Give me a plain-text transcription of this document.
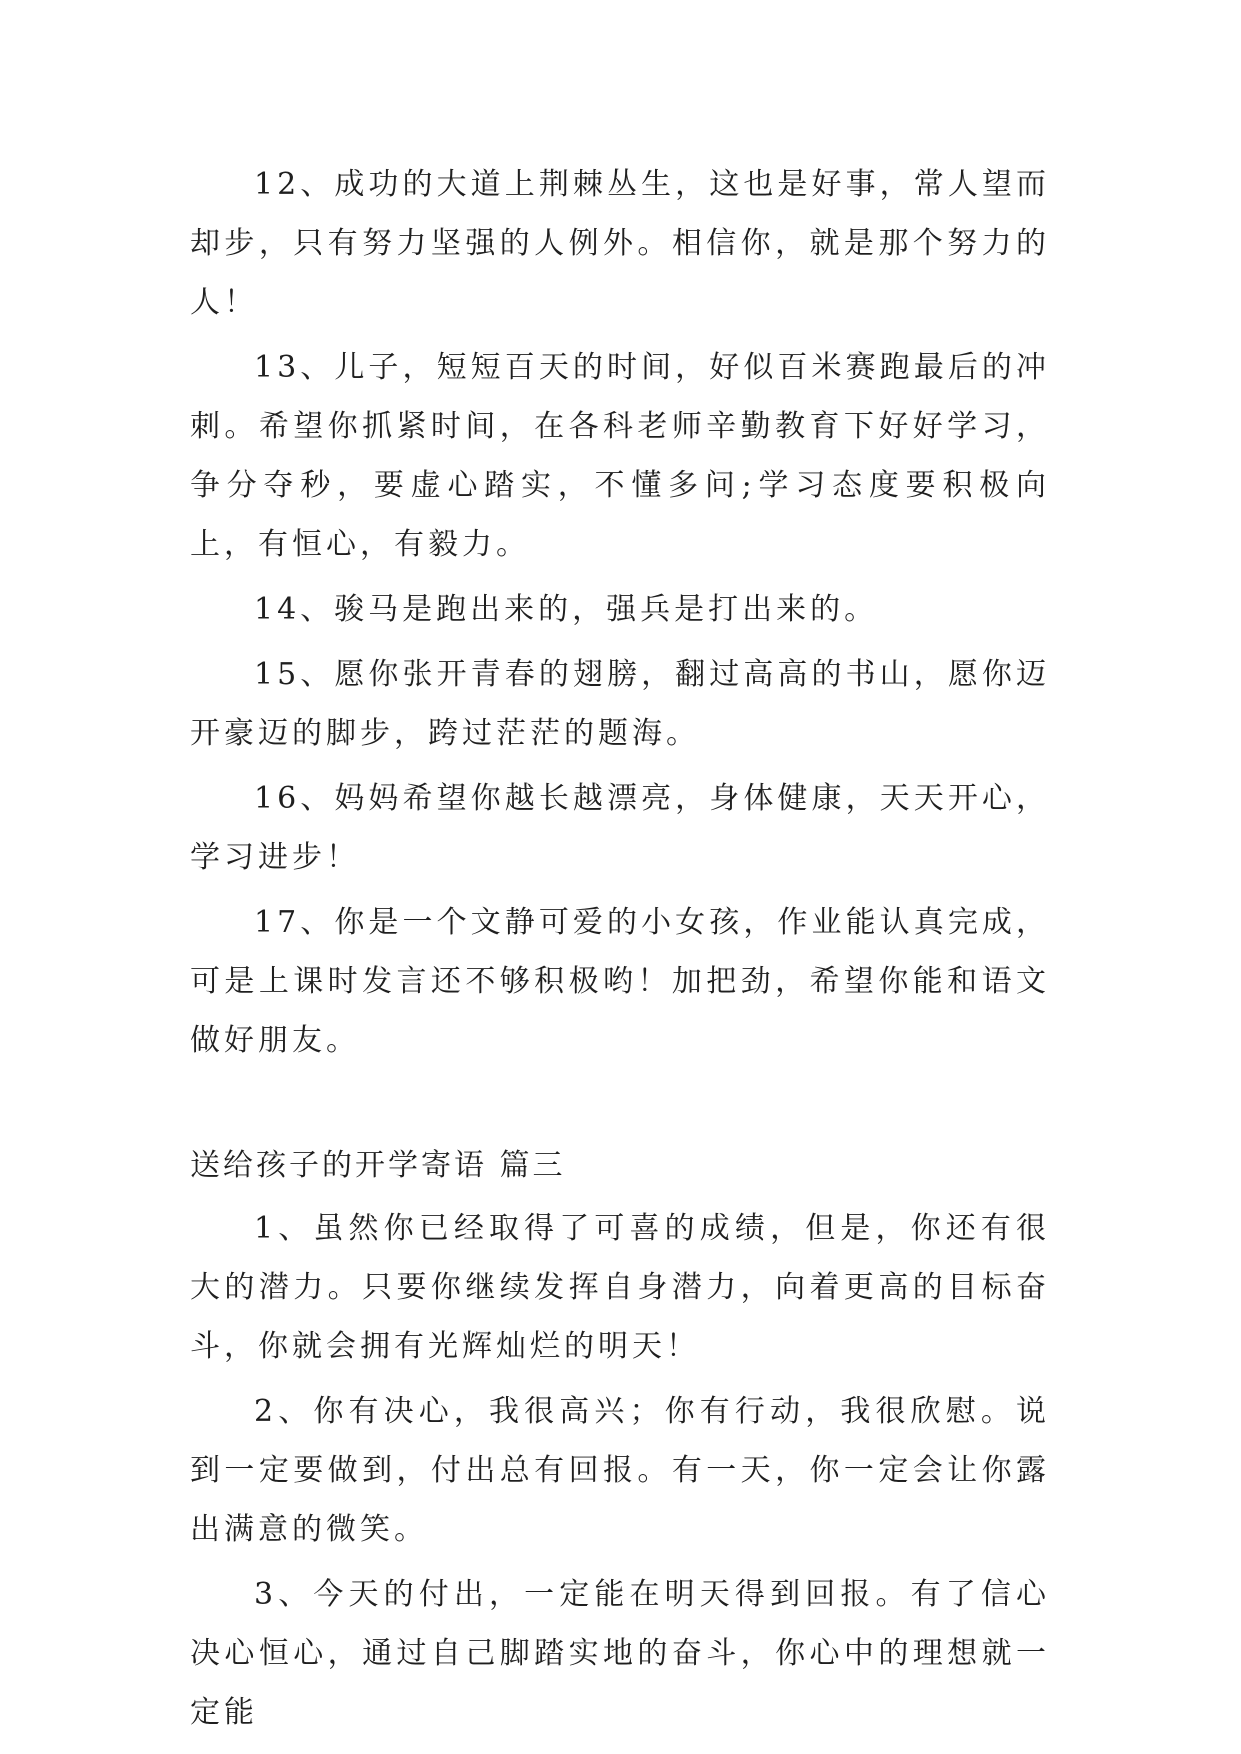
12、成功的大道上荆棘丛生，这也是好事，常人望而却步，只有努力坚强的人例外。相信你，就是那个努力的人！

13、儿子，短短百天的时间，好似百米赛跑最后的冲刺。希望你抓紧时间，在各科老师辛勤教育下好好学习，争分夺秒，要虚心踏实，不懂多问;学习态度要积极向上，有恒心，有毅力。

14、骏马是跑出来的，强兵是打出来的。

15、愿你张开青春的翅膀，翻过高高的书山，愿你迈开豪迈的脚步，跨过茫茫的题海。

16、妈妈希望你越长越漂亮，身体健康，天天开心，学习进步！

17、你是一个文静可爱的小女孩，作业能认真完成，可是上课时发言还不够积极哟！加把劲，希望你能和语文做好朋友。

送给孩子的开学寄语 篇三

1、虽然你已经取得了可喜的成绩，但是，你还有很大的潜力。只要你继续发挥自身潜力，向着更高的目标奋斗，你就会拥有光辉灿烂的明天！

2、你有决心，我很高兴；你有行动，我很欣慰。说到一定要做到，付出总有回报。有一天，你一定会让你露出满意的微笑。

3、今天的付出，一定能在明天得到回报。有了信心决心恒心，通过自己脚踏实地的奋斗，你心中的理想就一定能
